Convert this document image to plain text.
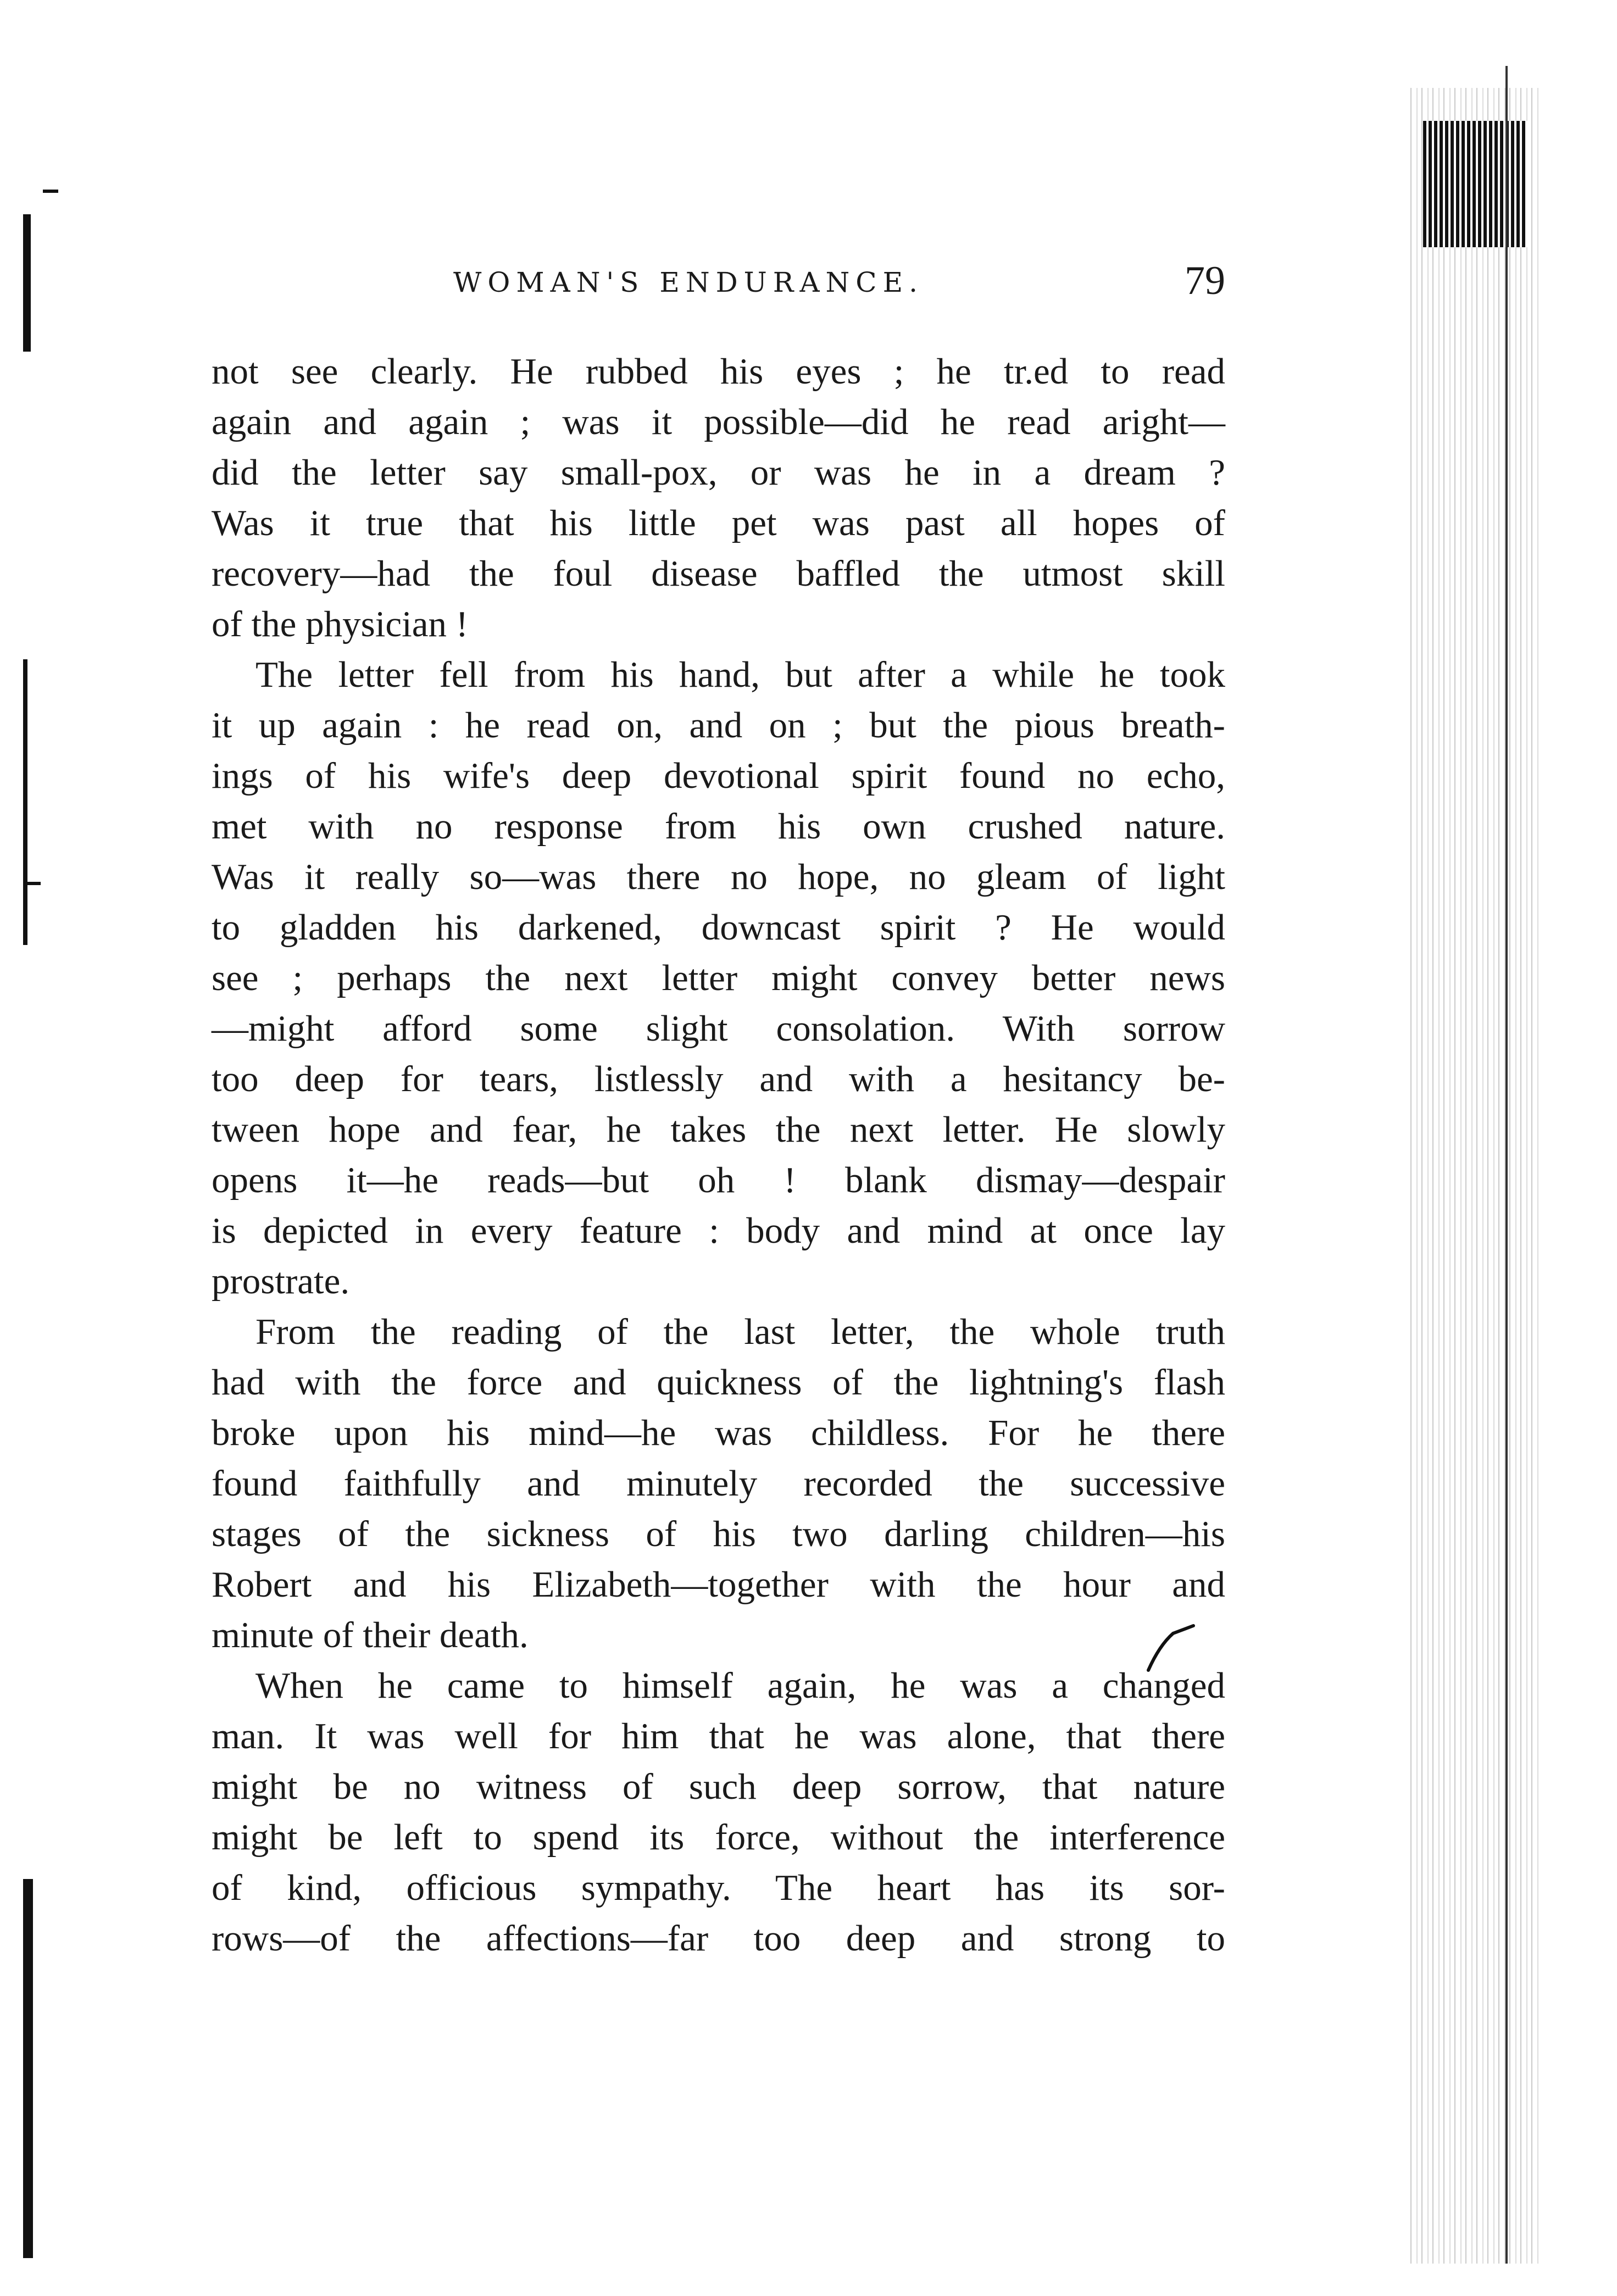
WOMAN'S ENDURANCE.	79
not see clearly. He rubbed his eyes ; he tr.ed to read
again and again ; was it possible—did he read aright—
did the letter say small-pox, or was he in a dream ?
Was it true that his little pet was past all hopes of
recovery—had the foul disease baffled the utmost skill
of the physician !
The letter fell from his hand, but after a while he took
it up again : he read on, and on ; but the pious breath-
ings of his wife's deep devotional spirit found no echo,
met with no response from his own crushed nature.
Was it really so—was there no hope, no gleam of light
to gladden his darkened, downcast spirit ? He would
see ; perhaps the next letter might convey better news
—might afford some slight consolation. With sorrow
too deep for tears, listlessly and with a hesitancy be-
tween hope and fear, he takes the next letter. He slowly
opens it—he reads—but oh ! blank dismay—despair
is depicted in every feature : body and mind at once lay
prostrate.
From the reading of the last letter, the whole truth
had with the force and quickness of the lightning's flash
broke upon his mind—he was childless. For he there
found faithfully and minutely recorded the successive
stages of the sickness of his two darling children—his
Robert and his Elizabeth—together with the hour and
minute of their death.
When he came to himself again, he was a changed
man. It was well for him that he was alone, that there
might be no witness of such deep sorrow, that nature
might be left to spend its force, without the interference
of kind, officious sympathy. The heart has its sor-
rows—of the affections—far too deep and strong to
